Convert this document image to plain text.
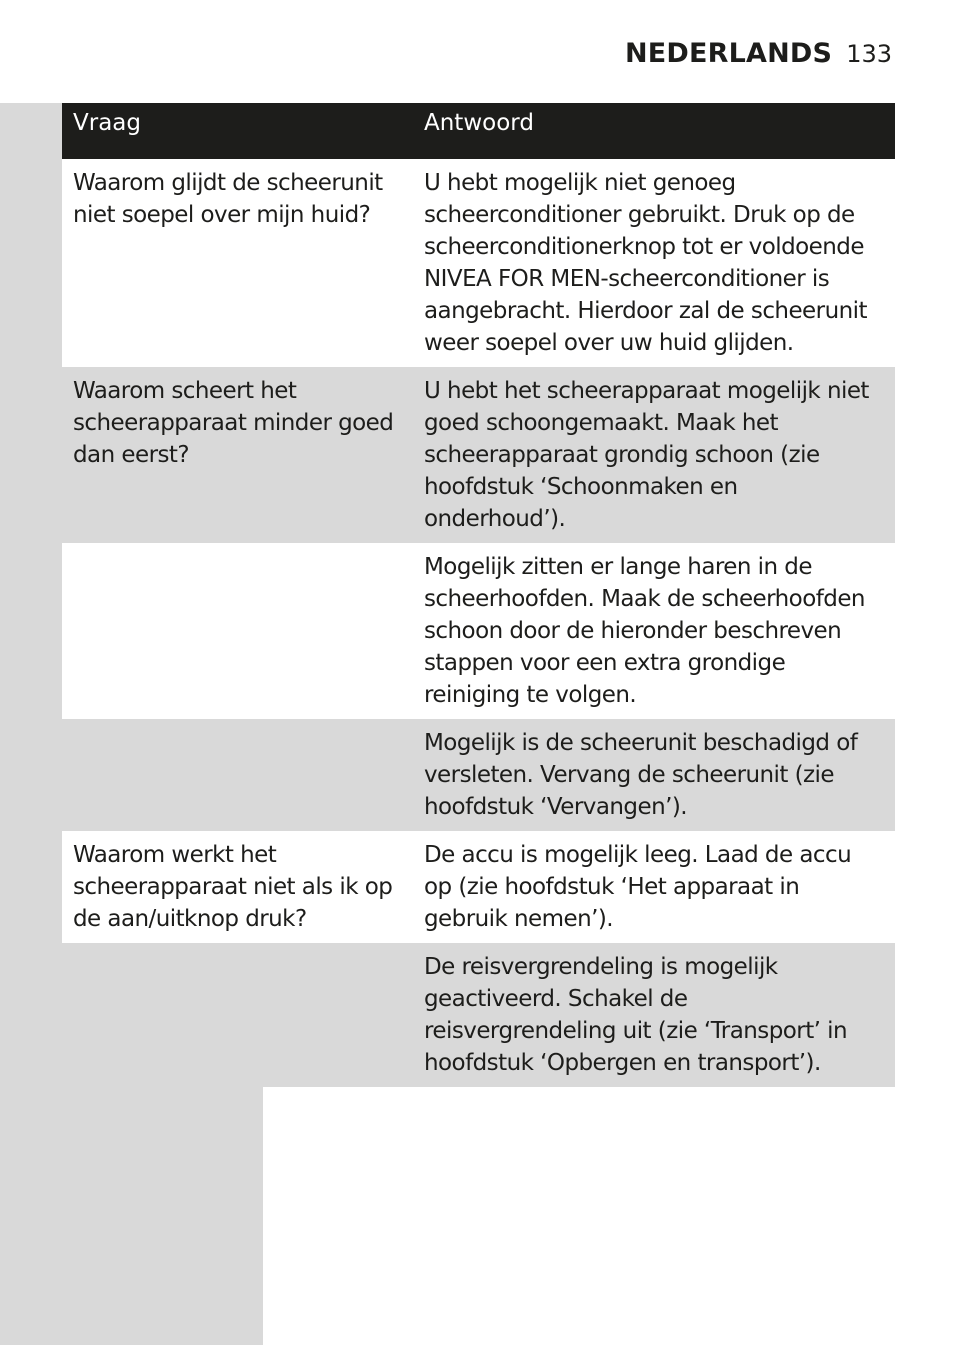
NEDERLANDS 133
Vraag	Antwoord
Waarom glijdt de scheerunit niet soepel over mijn huid?	U hebt mogelijk niet genoeg scheerconditioner gebruikt. Druk op de scheerconditionerknop tot er voldoende NIVEA FOR MEN-scheerconditioner is aangebracht. Hierdoor zal de scheerunit weer soepel over uw huid glijden.
Waarom scheert het scheerapparaat minder goed dan eerst?	U hebt het scheerapparaat mogelijk niet goed schoongemaakt. Maak het scheerapparaat grondig schoon (zie hoofdstuk ‘Schoonmaken en onderhoud’).
	Mogelijk zitten er lange haren in de scheerhoofden. Maak de scheerhoofden schoon door de hieronder beschreven stappen voor een extra grondige reiniging te volgen.
	Mogelijk is de scheerunit beschadigd of versleten. Vervang de scheerunit (zie hoofdstuk ‘Vervangen’).
Waarom werkt het scheerapparaat niet als ik op de aan/uitknop druk?	De accu is mogelijk leeg. Laad de accu op (zie hoofdstuk ‘Het apparaat in gebruik nemen’).
	De reisvergrendeling is mogelijk geactiveerd. Schakel de reisvergrendeling uit (zie ‘Transport’ in hoofdstuk ‘Opbergen en transport’).
